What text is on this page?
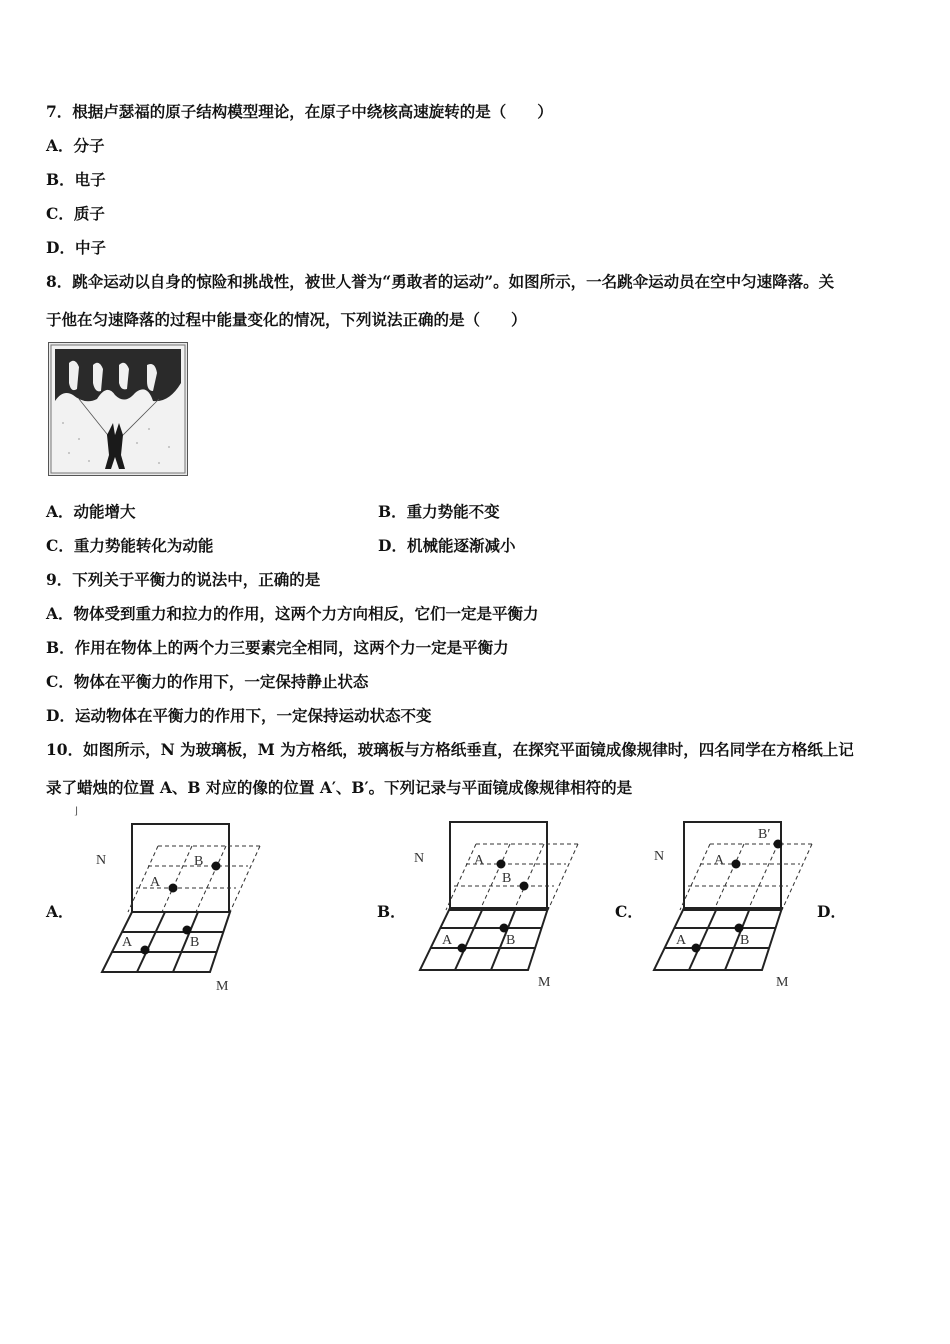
7．根据卢瑟福的原子结构模型理论，在原子中绕核高速旋转的是（　　）
A．分子
B．电子
C．质子
D．中子
8．跳伞运动以自身的惊险和挑战性，被世人誉为“勇敢者的运动”。如图所示，一名跳伞运动员在空中匀速降落。关
于他在匀速降落的过程中能量变化的情况，下列说法正确的是（　　）
A．动能增大	B．重力势能不变
C．重力势能转化为动能	D．机械能逐渐减小
9．下列关于平衡力的说法中，正确的是
A．物体受到重力和拉力的作用，这两个力方向相反，它们一定是平衡力
B．作用在物体上的两个力三要素完全相同，这两个力一定是平衡力
C．物体在平衡力的作用下，一定保持静止状态
D．运动物体在平衡力的作用下，一定保持运动状态不变
10．如图所示，N 为玻璃板，M 为方格纸，玻璃板与方格纸垂直，在探究平面镜成像规律时，四名同学在方格纸上记
录了蜡烛的位置 A、B 对应的像的位置 A′、B′。下列记录与平面镜成像规律相符的是
⌋
A．	B．	C．	D．
N
A
B
A	B
M
N	A
B
A	B
M
N	A
B′
A	B
M
